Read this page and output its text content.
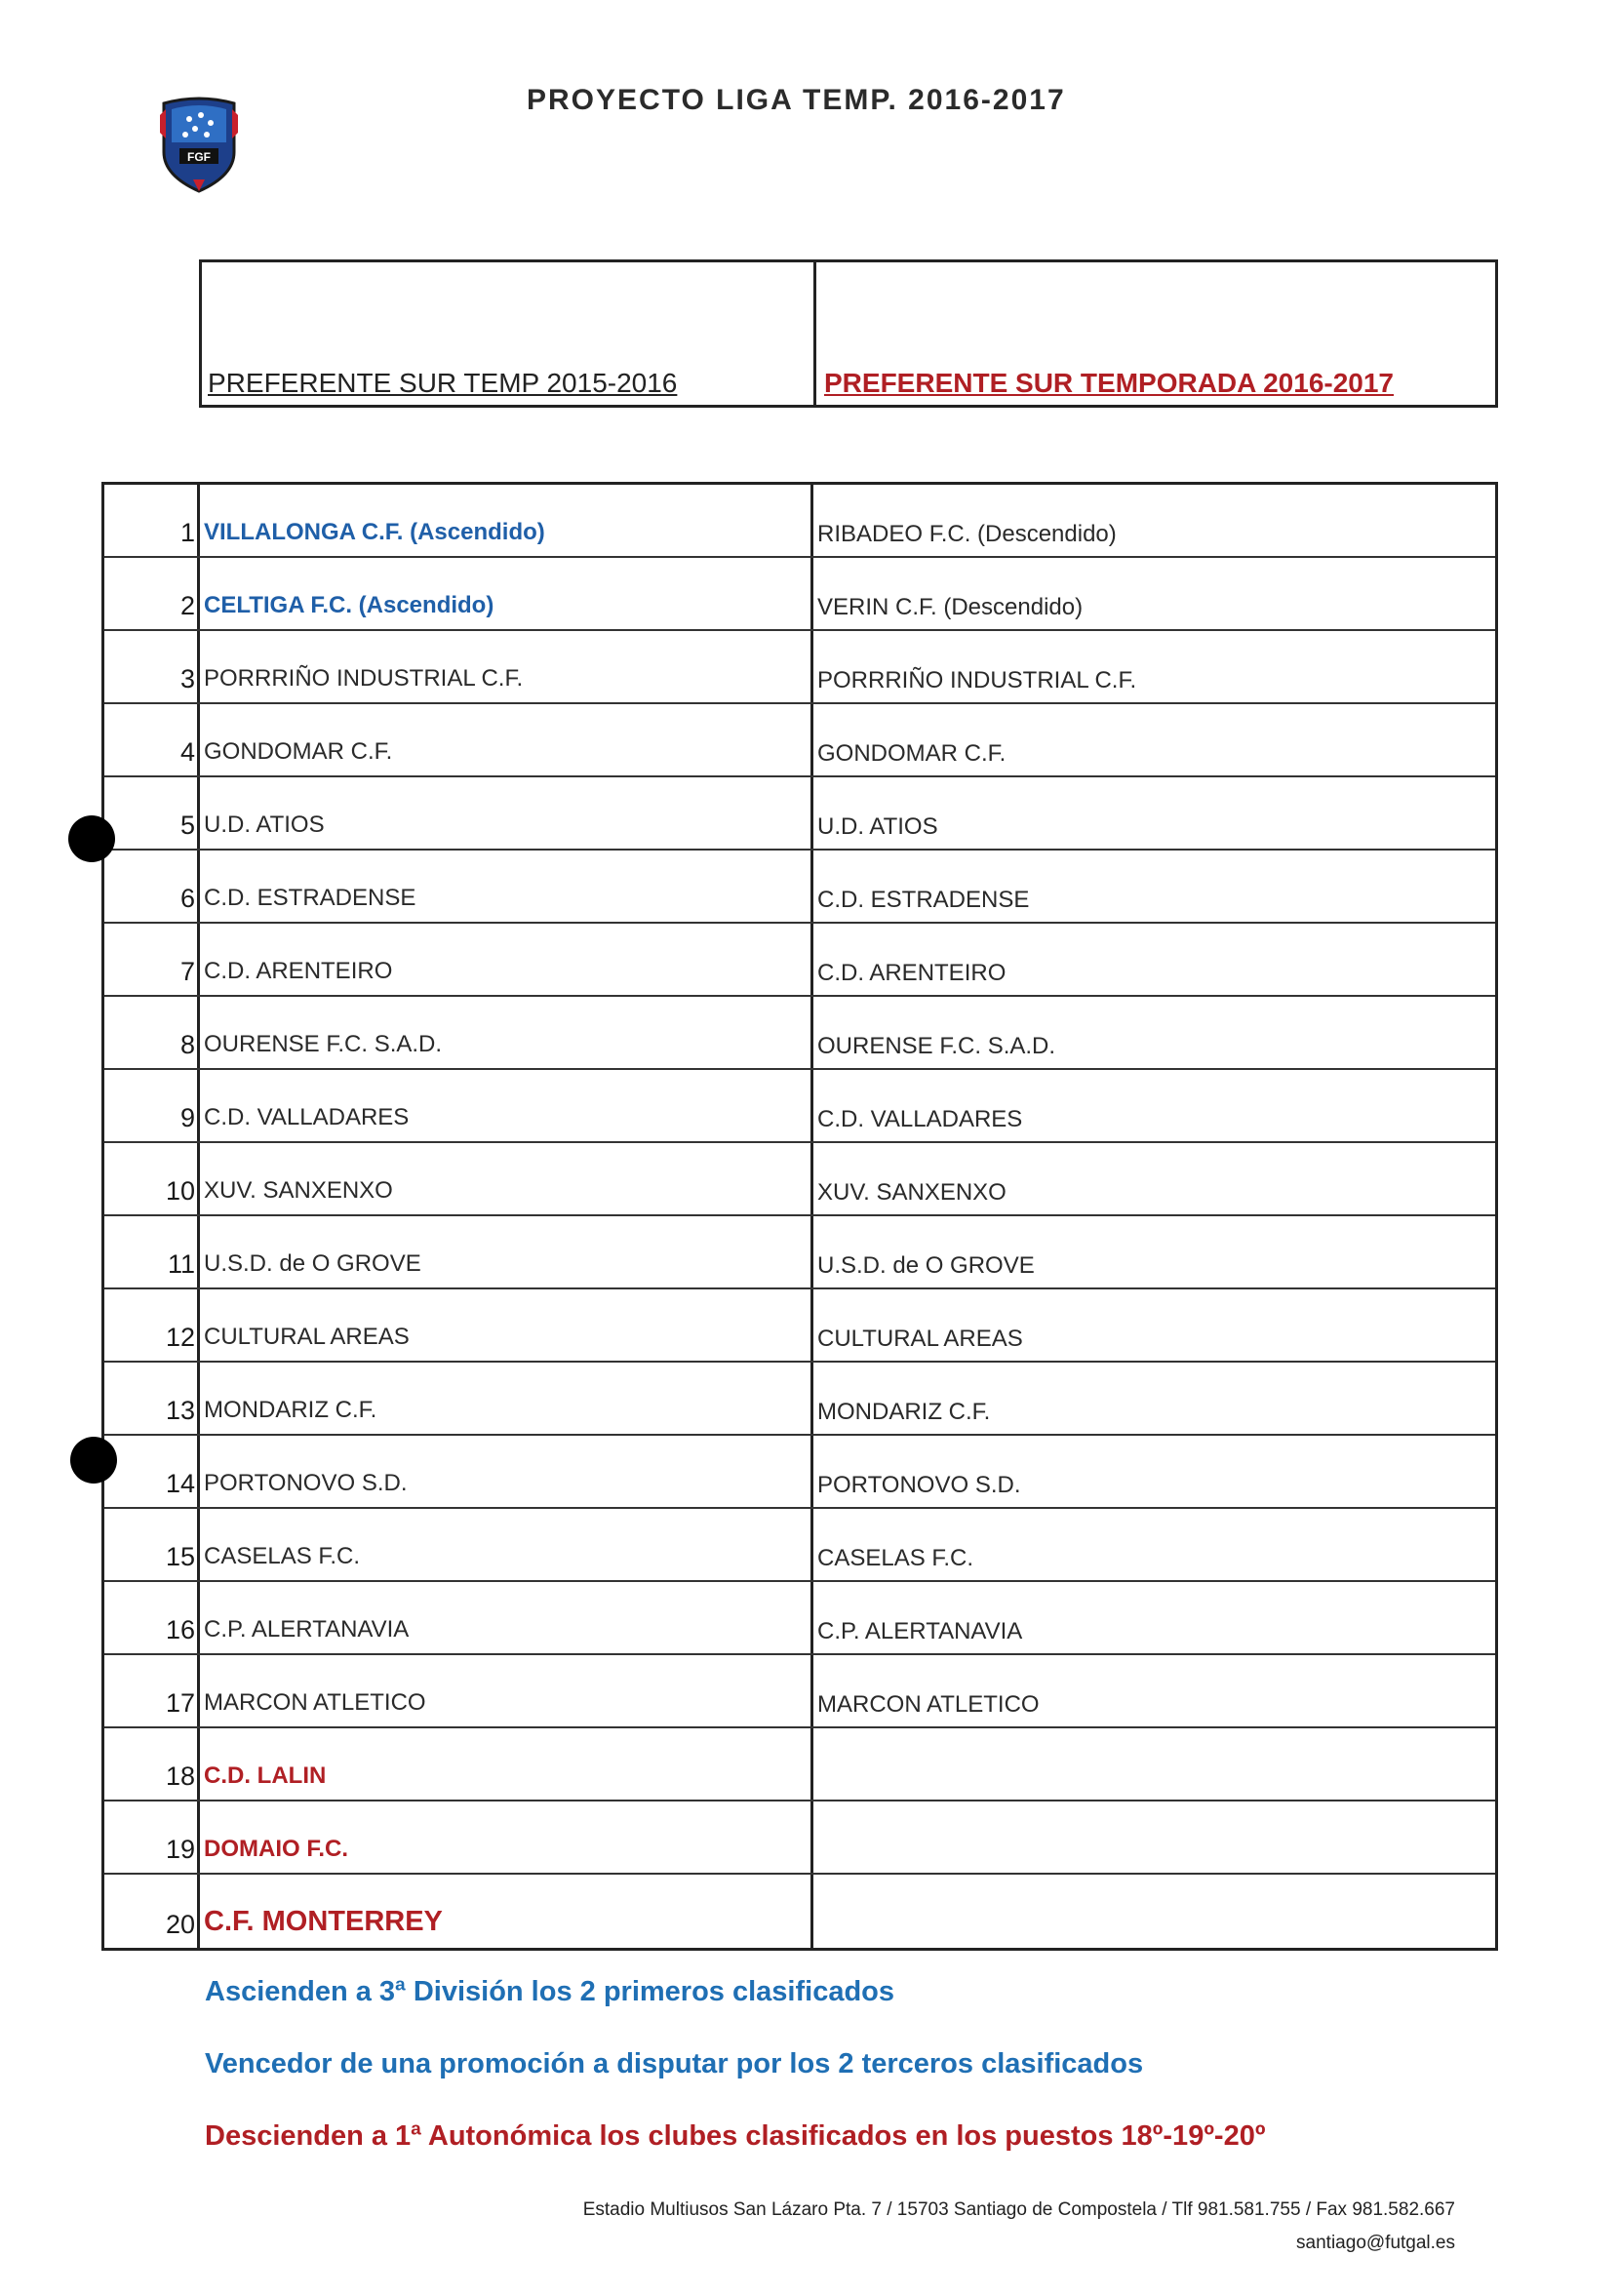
FGF
PROYECTO LIGA TEMP. 2016-2017
PREFERENTE SUR TEMP 2015-2016	PREFERENTE SUR TEMPORADA 2016-2017
1 VILLALONGA C.F. (Ascendido)	RIBADEO F.C. (Descendido)
2 CELTIGA F.C. (Ascendido)	VERIN C.F. (Descendido)
3 PORRRIÑO INDUSTRIAL C.F.	PORRRIÑO INDUSTRIAL C.F.
4 GONDOMAR C.F.	GONDOMAR C.F.
5 U.D. ATIOS	U.D. ATIOS
6 C.D. ESTRADENSE	C.D. ESTRADENSE
7 C.D. ARENTEIRO	C.D. ARENTEIRO
8 OURENSE F.C. S.A.D.	OURENSE F.C. S.A.D.
9 C.D. VALLADARES	C.D. VALLADARES
10 XUV. SANXENXO	XUV. SANXENXO
11 U.S.D. de O GROVE	U.S.D. de O GROVE
12 CULTURAL AREAS	CULTURAL AREAS
13 MONDARIZ C.F.	MONDARIZ C.F.
14 PORTONOVO S.D.	PORTONOVO S.D.
15 CASELAS F.C.	CASELAS F.C.
16 C.P. ALERTANAVIA	C.P. ALERTANAVIA
17 MARCON ATLETICO	MARCON ATLETICO
18 C.D. LALIN
19 DOMAIO F.C.
20 C.F. MONTERREY
Ascienden a 3ª División los 2 primeros clasificados
Vencedor de una promoción a disputar por los 2 terceros clasificados
Descienden a 1ª Autonómica los clubes clasificados en los puestos 18º-19º-20º
Estadio Multiusos San Lázaro Pta. 7 / 15703 Santiago de Compostela / Tlf 981.581.755 / Fax 981.582.667
santiago@futgal.es
